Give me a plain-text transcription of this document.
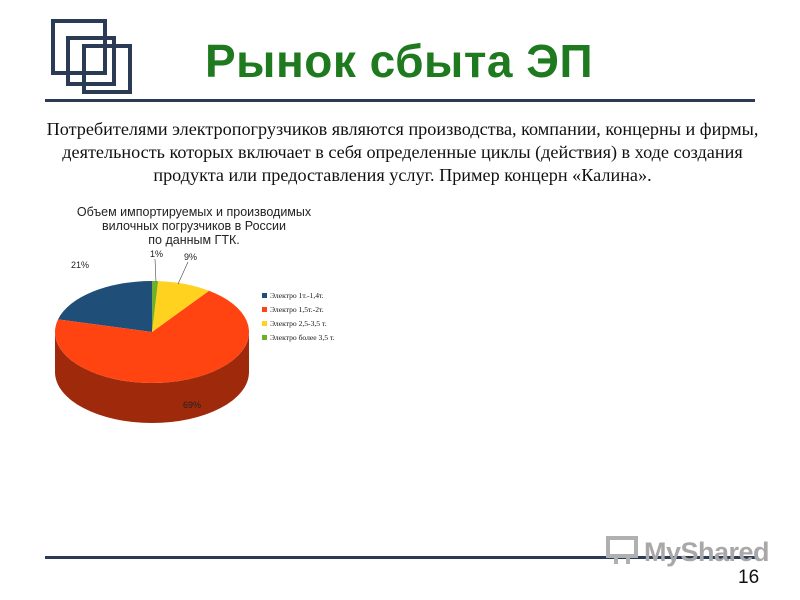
Рынок сбыта ЭП

Потребителями электропогрузчиков являются производства, компании, концерны и фирмы, деятельность которых включает в себя определенные циклы (действия) в ходе создания продукта или предоставления услуг. Пример концерн «Калина».

Объем импортируемых и производимых
вилочных погрузчиков в России
по данным ГТК.
21%
69%
9%
1%
Электро 1т.-1,4т.
Электро 1,5т.-2т.
Электро 2,5-3,5 т.
Электро более 3,5 т.
MyShared
16
